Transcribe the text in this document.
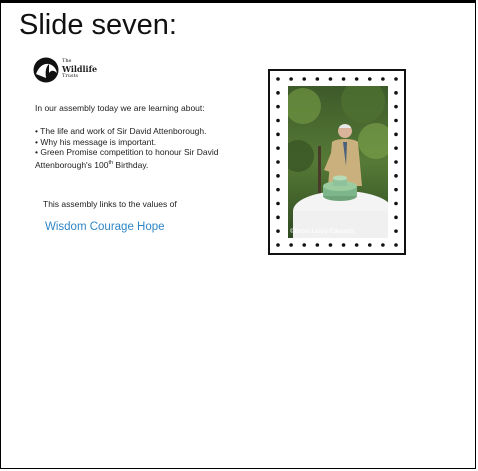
Slide seven:
The
Wildlife
Trusts
In our assembly today we are learning about:
• The life and work of Sir David Attenborough.
• Why his message is important.
• Green Promise competition to honour Sir David
Attenborough's 100th Birthday.
This assembly links to the values of
Wisdom Courage Hope	©Broni Lloyd-Edwards
